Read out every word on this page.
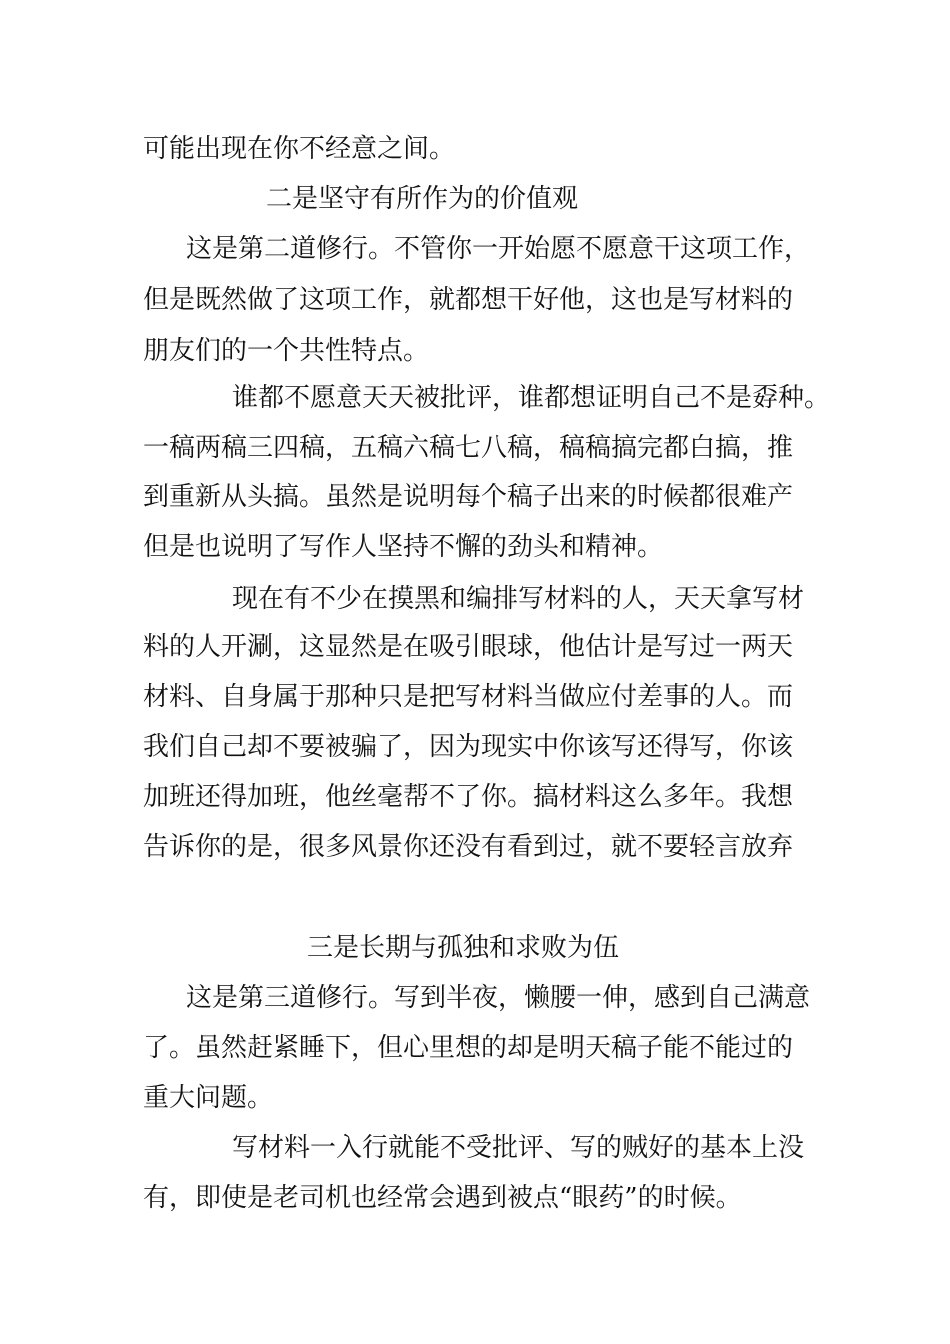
可能出现在你不经意之间。
二是坚守有所作为的价值观
这是第二道修行。不管你一开始愿不愿意干这项工作，
但是既然做了这项工作，就都想干好他，这也是写材料的
朋友们的一个共性特点。
谁都不愿意天天被批评，谁都想证明自己不是孬种。
一稿两稿三四稿，五稿六稿七八稿，稿稿搞完都白搞，推
到重新从头搞。虽然是说明每个稿子出来的时候都很难产
但是也说明了写作人坚持不懈的劲头和精神。
现在有不少在摸黑和编排写材料的人，天天拿写材
料的人开涮，这显然是在吸引眼球，他估计是写过一两天
材料、自身属于那种只是把写材料当做应付差事的人。而
我们自己却不要被骗了，因为现实中你该写还得写，你该
加班还得加班，他丝毫帮不了你。搞材料这么多年。我想
告诉你的是，很多风景你还没有看到过，就不要轻言放弃
三是长期与孤独和求败为伍
这是第三道修行。写到半夜，懒腰一伸，感到自己满意
了。虽然赶紧睡下，但心里想的却是明天稿子能不能过的
重大问题。
写材料一入行就能不受批评、写的贼好的基本上没
有，即使是老司机也经常会遇到被点“眼药”的时候。
